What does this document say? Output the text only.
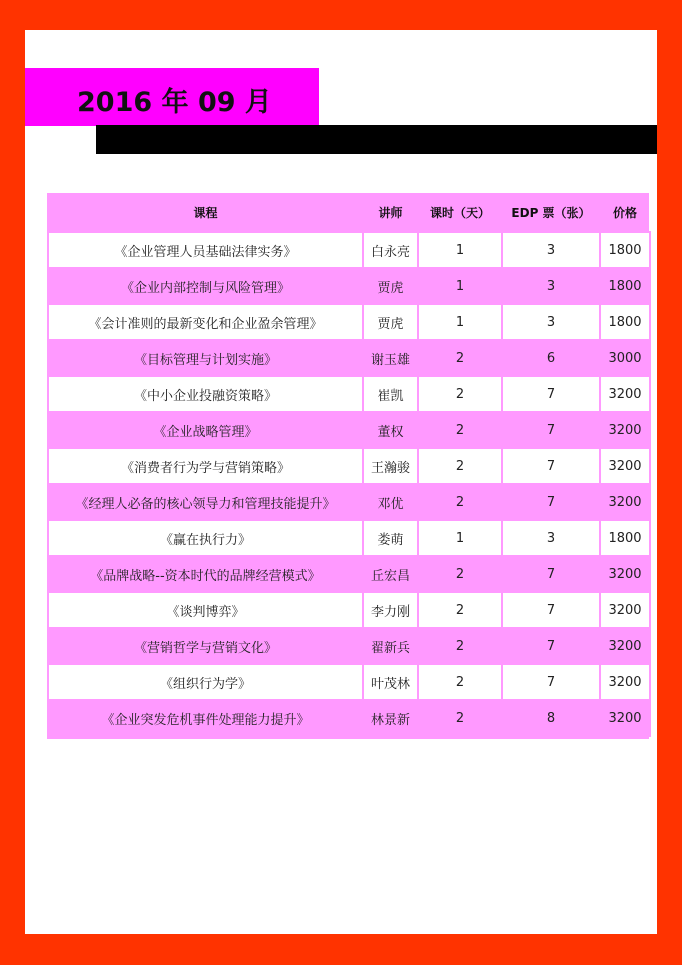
2016 年 09 月
课程	讲师	课时（天）	EDP 票（张）	价格
《企业管理人员基础法律实务》	白永亮	1	3	1800
《企业内部控制与风险管理》	贾虎	1	3	1800
《会计准则的最新变化和企业盈余管理》	贾虎	1	3	1800
《目标管理与计划实施》	谢玉雄	2	6	3000
《中小企业投融资策略》	崔凯	2	7	3200
《企业战略管理》	董权	2	7	3200
《消费者行为学与营销策略》	王瀚骏	2	7	3200
《经理人必备的核心领导力和管理技能提升》	邓优	2	7	3200
《赢在执行力》	娄萌	1	3	1800
《品牌战略--资本时代的品牌经营模式》	丘宏昌	2	7	3200
《谈判博弈》	李力刚	2	7	3200
《营销哲学与营销文化》	翟新兵	2	7	3200
《组织行为学》	叶茂林	2	7	3200
《企业突发危机事件处理能力提升》	林景新	2	8	3200
